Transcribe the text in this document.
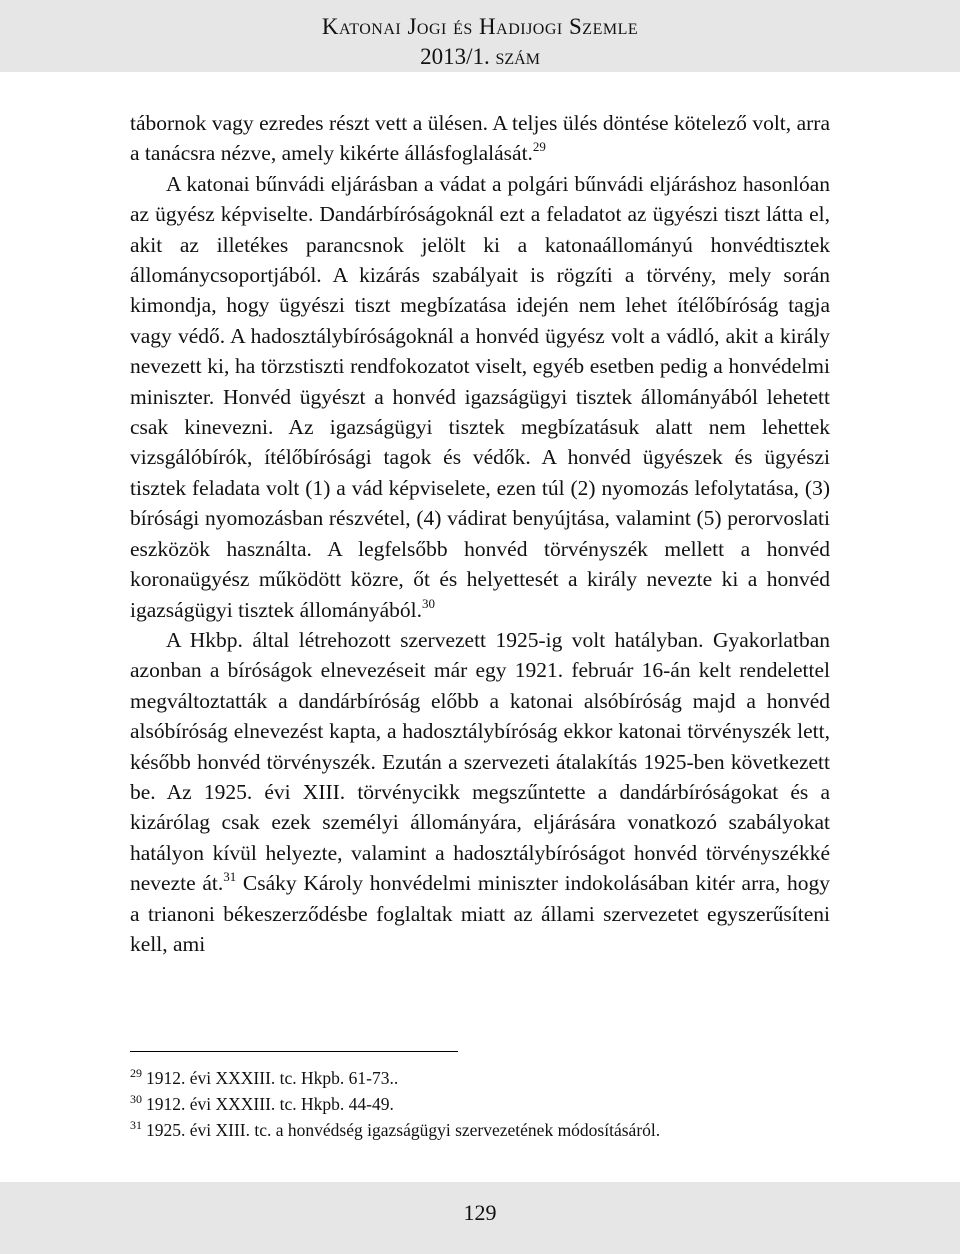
Katonai Jogi és Hadijogi Szemle
2013/1. szám

tábornok vagy ezredes részt vett a ülésen. A teljes ülés döntése kötelező volt, arra a tanácsra nézve, amely kikérte állásfoglalását.$^{29}$

A katonai bűnvádi eljárásban a vádat a polgári bűnvádi eljáráshoz hasonlóan az ügyész képviselte. Dandárbíróságoknál ezt a feladatot az ügyészi tiszt látta el, akit az illetékes parancsnok jelölt ki a katonaállományú honvédtisztek állománycsoportjából. A kizárás szabályait is rögzíti a törvény, mely során kimondja, hogy ügyészi tiszt megbízatása idején nem lehet ítélőbíróság tagja vagy védő. A hadosztálybíróságoknál a honvéd ügyész volt a vádló, akit a király nevezett ki, ha törzstiszti rendfokozatot viselt, egyéb esetben pedig a honvédelmi miniszter. Honvéd ügyészt a honvéd igazságügyi tisztek állományából lehetett csak kinevezni. Az igazságügyi tisztek megbízatásuk alatt nem lehettek vizsgálóbírók, ítélőbírósági tagok és védők. A honvéd ügyészek és ügyészi tisztek feladata volt (1) a vád képviselete, ezen túl (2) nyomozás lefolytatása, (3) bírósági nyomozásban részvétel, (4) vádirat benyújtása, valamint (5) perorvoslati eszközök használta. A legfelsőbb honvéd törvényszék mellett a honvéd koronaügyész működött közre, őt és helyettesét a király nevezte ki a honvéd igazságügyi tisztek állományából.$^{30}$

A Hkbp. által létrehozott szervezett 1925-ig volt hatályban. Gyakorlatban azonban a bíróságok elnevezéseit már egy 1921. február 16-án kelt rendelettel megváltoztatták a dandárbíróság előbb a katonai alsóbíróság majd a honvéd alsóbíróság elnevezést kapta, a hadosztálybíróság ekkor katonai törvényszék lett, később honvéd törvényszék. Ezután a szervezeti átalakítás 1925-ben következett be. Az 1925. évi XIII. törvénycikk megszűntette a dandárbíróságokat és a kizárólag csak ezek személyi állományára, eljárására vonatkozó szabályokat hatályon kívül helyezte, valamint a hadosztálybíróságot honvéd törvényszékké nevezte át.$^{31}$ Csáky Károly honvédelmi miniszter indokolásában kitér arra, hogy a trianoni békeszerződésbe foglaltak miatt az állami szervezetet egyszerűsíteni kell, ami

$^{29}$ 1912. évi XXXIII. tc. Hkpb. 61-73..
$^{30}$ 1912. évi XXXIII. tc. Hkpb. 44-49.
$^{31}$ 1925. évi XIII. tc. a honvédség igazságügyi szervezetének módosításáról.
129
